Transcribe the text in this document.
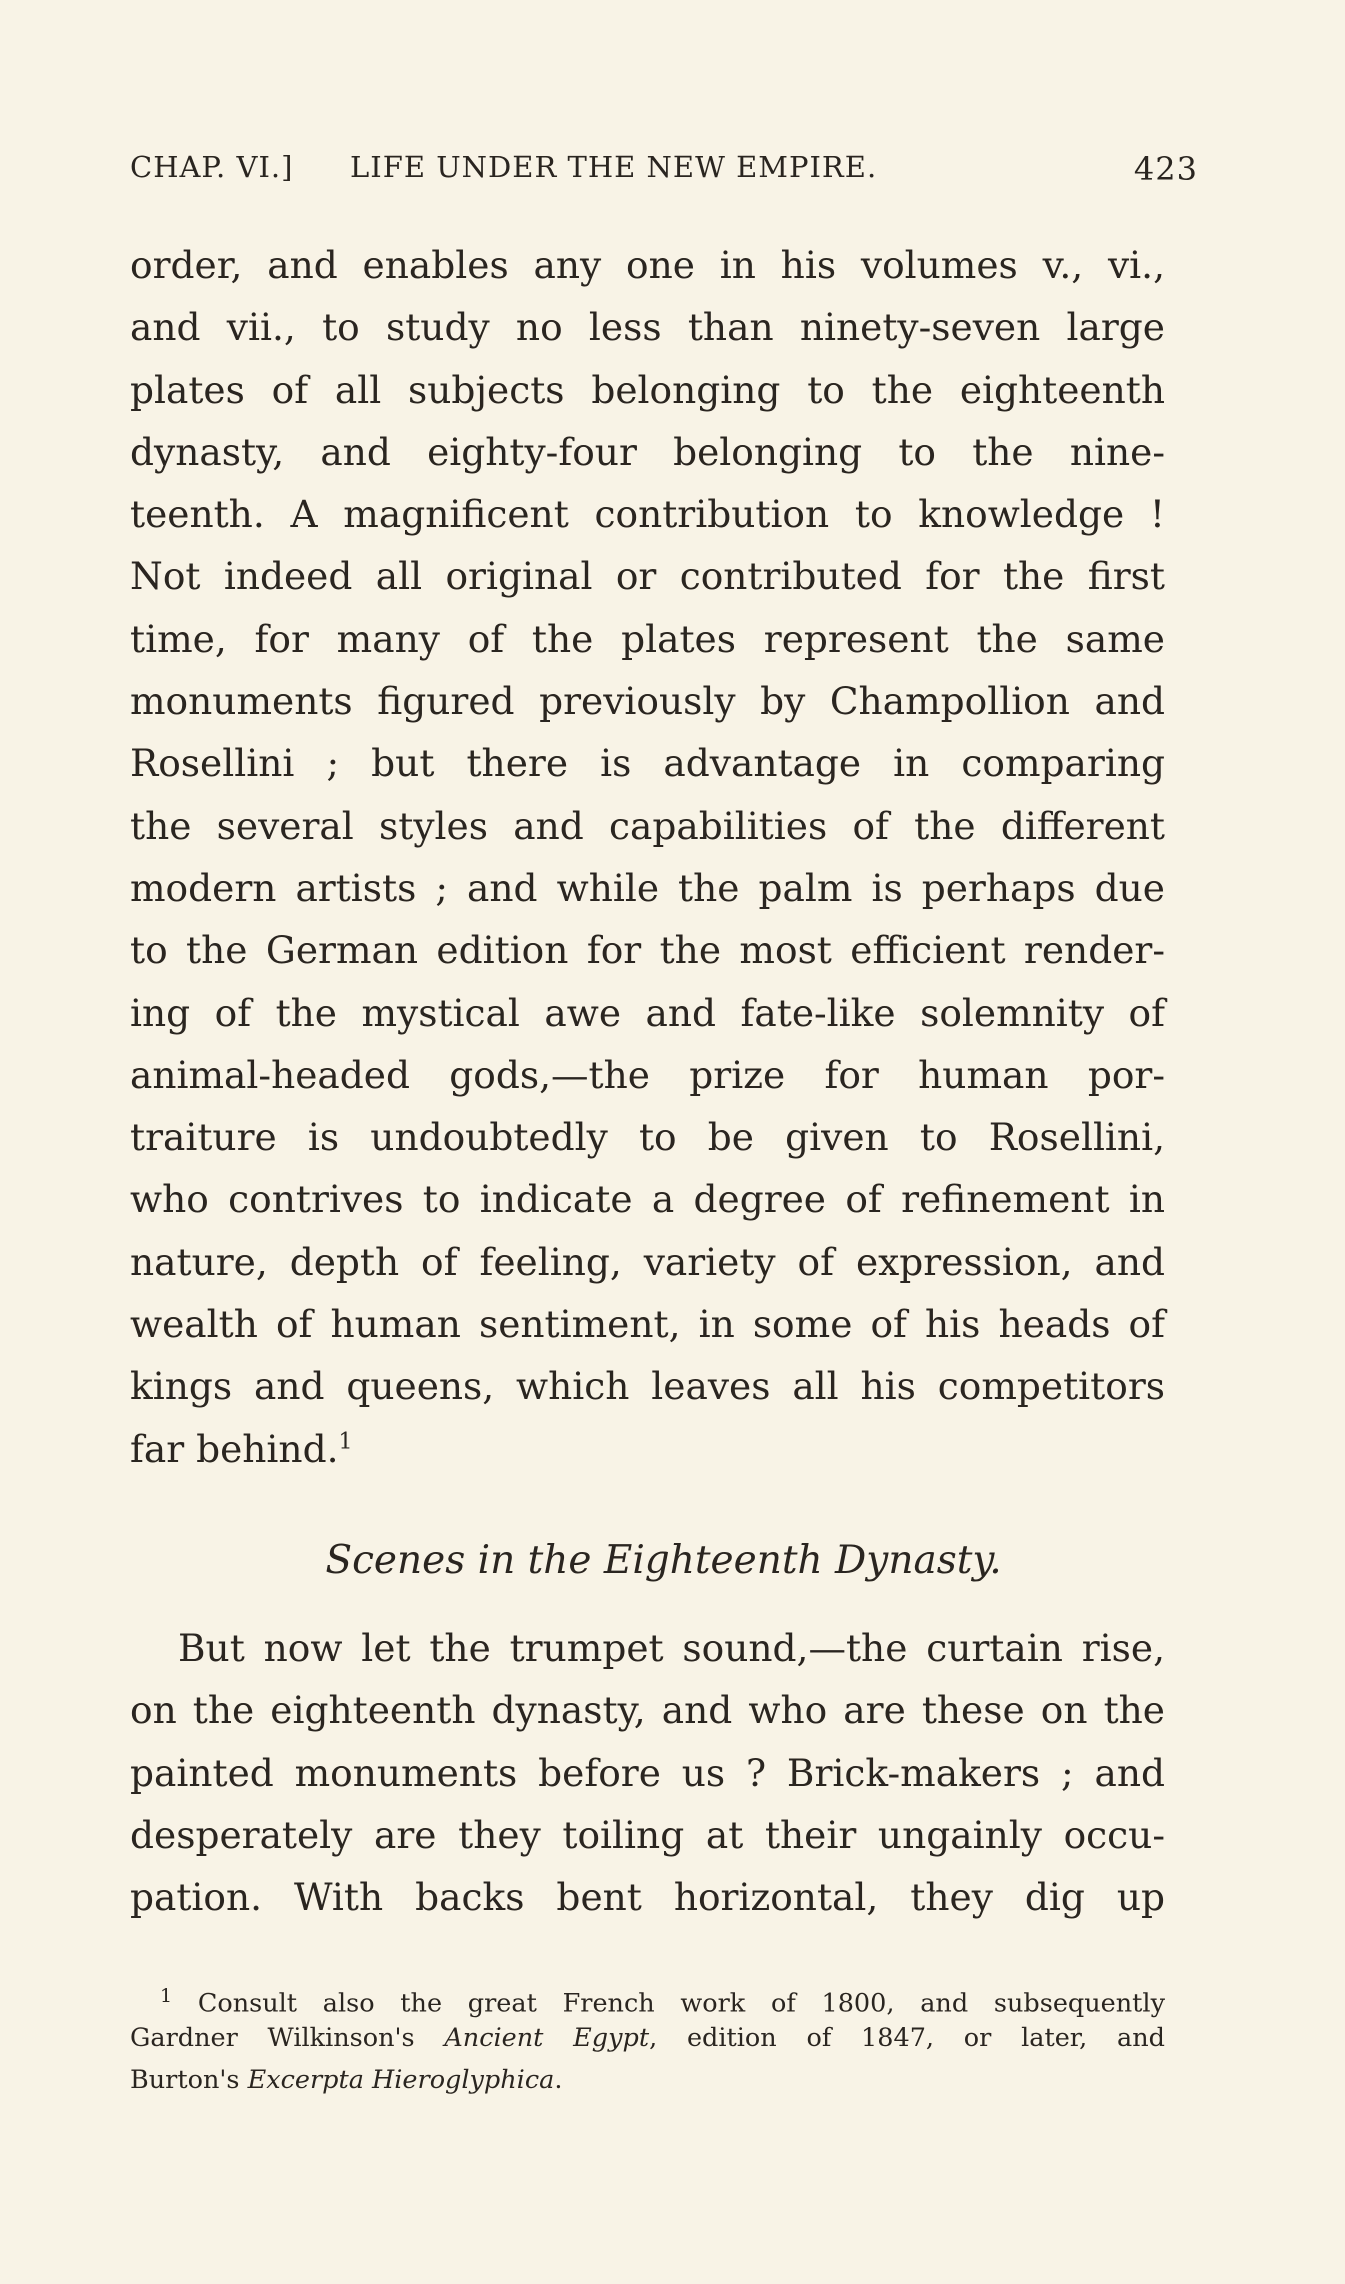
CHAP. VI.] LIFE UNDER THE NEW EMPIRE.	423
order, and enables any one in his volumes v., vi.,
and vii., to study no less than ninety-seven large
plates of all subjects belonging to the eighteenth
dynasty, and eighty-four belonging to the nine-
teenth. A magnificent contribution to knowledge !
Not indeed all original or contributed for the first
time, for many of the plates represent the same
monuments figured previously by Champollion and
Rosellini ; but there is advantage in comparing
the several styles and capabilities of the different
modern artists ; and while the palm is perhaps due
to the German edition for the most efficient render-
ing of the mystical awe and fate-like solemnity of
animal-headed gods,—the prize for human por-
traiture is undoubtedly to be given to Rosellini,
who contrives to indicate a degree of refinement in
nature, depth of feeling, variety of expression, and
wealth of human sentiment, in some of his heads of
kings and queens, which leaves all his competitors
far behind.$^1$
Scenes in the Eighteenth Dynasty.
But now let the trumpet sound,—the curtain rise,
on the eighteenth dynasty, and who are these on the
painted monuments before us ? Brick-makers ; and
desperately are they toiling at their ungainly occu-
pation. With backs bent horizontal, they dig up
$^1$ Consult also the great French work of 1800, and subsequently
Gardner Wilkinson's Ancient Egypt, edition of 1847, or later, and
Burton's Excerpta Hieroglyphica.
